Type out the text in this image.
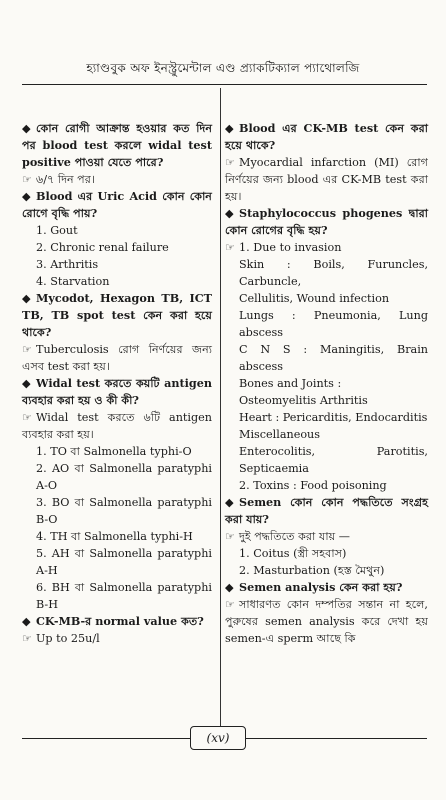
হ্যাণ্ডবুক অফ ইনস্ট্রুমেন্টাল এণ্ড প্র্যাকটিক্যাল প্যাথোলজি
◆ কোন রোগী আক্রান্ত হওয়ার কত দিন পর blood test করলে widal test positive পাওয়া যেতে পারে?
☞ ৬/৭ দিন পর।
◆ Blood এর Uric Acid কোন কোন রোগে বৃদ্ধি পায়?
1. Gout
2. Chronic renal failure
3. Arthritis
4. Starvation
◆ Mycodot, Hexagon TB, ICT TB, TB spot test কেন করা হয়ে থাকে?
☞ Tuberculosis রোগ নির্ণয়ের জন্য এসব test করা হয়।
◆ Widal test করতে কয়টি antigen ব্যবহার করা হয় ও কী কী?
☞ Widal test করতে ৬টি antigen ব্যবহার করা হয়।
1. TO বা Salmonella typhi-O
2. AO বা Salmonella paratyphi A-O
3. BO বা Salmonella paratyphi B-O
4. TH বা Salmonella typhi-H
5. AH বা Salmonella paratyphi A-H
6. BH বা Salmonella paratyphi B-H
◆ CK-MB-র normal value কত?
☞ Up to 25u/l
◆ Blood এর CK-MB test কেন করা হয়ে থাকে?
☞ Myocardial infarction (MI) রোগ নির্ণয়ের জন্য blood এর CK-MB test করা হয়।
◆ Staphylococcus phogenes দ্বারা কোন রোগের বৃদ্ধি হয়?
☞ 1. Due to invasion
Skin : Boils, Furuncles, Carbuncle,
Cellulitis, Wound infection
Lungs : Pneumonia, Lung abscess
C N S : Maningitis, Brain abscess
Bones and Joints :
Osteomyelitis Arthritis
Heart : Pericarditis, Endocarditis
Miscellaneous
Enterocolitis, Parotitis, Septicaemia
2. Toxins : Food poisoning
◆ Semen কোন কোন পদ্ধতিতে সংগ্রহ করা যায়?
☞ দুই পদ্ধতিতে করা যায় —
1. Coitus (স্ত্রী সহবাস)
2. Masturbation (হস্ত মৈথুন)
◆ Semen analysis কেন করা হয়?
☞ সাধারণত কোন দম্পতির সন্তান না হলে, পুরুষের semen analysis করে দেখা হয় semen-এ sperm আছে কি
(xv)
